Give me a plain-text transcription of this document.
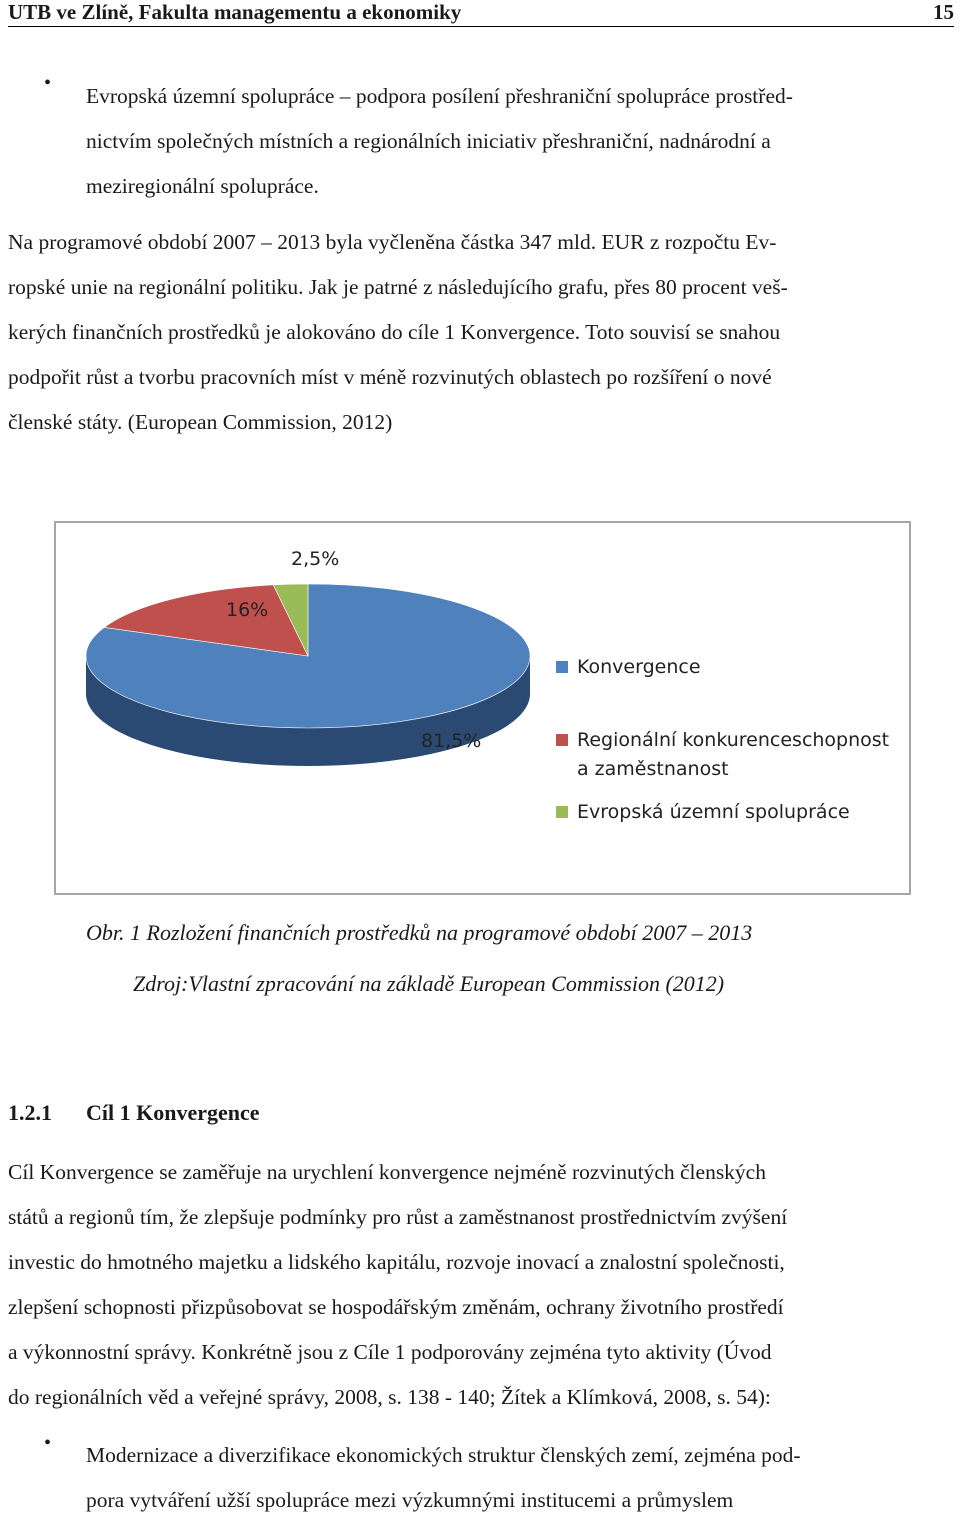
UTB ve Zlíně, Fakulta managementu a ekonomiky	15
•
Evropská územní spolupráce – podpora posílení přeshraniční spolupráce prostřed-
nictvím společných místních a regionálních iniciativ přeshraniční, nadnárodní a
meziregionální spolupráce.
Na programové období 2007 – 2013 byla vyčleněna částka 347 mld. EUR z rozpočtu Ev-
ropské unie na regionální politiku. Jak je patrné z následujícího grafu, přes 80 procent veš-
kerých finančních prostředků je alokováno do cíle 1 Konvergence. Toto souvisí se snahou
podpořit růst a tvorbu pracovních míst v méně rozvinutých oblastech po rozšíření o nové
členské státy. (European Commission, 2012)
81,5%
16%
2,5%
Konvergence
Regionální konkurenceschopnost
a zaměstnanost
Evropská územní spolupráce
Obr. 1 Rozložení finančních prostředků na programové období 2007 – 2013
Zdroj:Vlastní zpracování na základě European Commission (2012)
1.2.1 Cíl 1 Konvergence
Cíl Konvergence se zaměřuje na urychlení konvergence nejméně rozvinutých členských
států a regionů tím, že zlepšuje podmínky pro růst a zaměstnanost prostřednictvím zvýšení
investic do hmotného majetku a lidského kapitálu, rozvoje inovací a znalostní společnosti,
zlepšení schopnosti přizpůsobovat se hospodářským změnám, ochrany životního prostředí
a výkonnostní správy. Konkrétně jsou z Cíle 1 podporovány zejména tyto aktivity (Úvod
do regionálních věd a veřejné správy, 2008, s. 138 - 140; Žítek a Klímková, 2008, s. 54):
• Modernizace a diverzifikace ekonomických struktur členských zemí, zejména pod-
pora vytváření užší spolupráce mezi výzkumnými institucemi a průmyslem
